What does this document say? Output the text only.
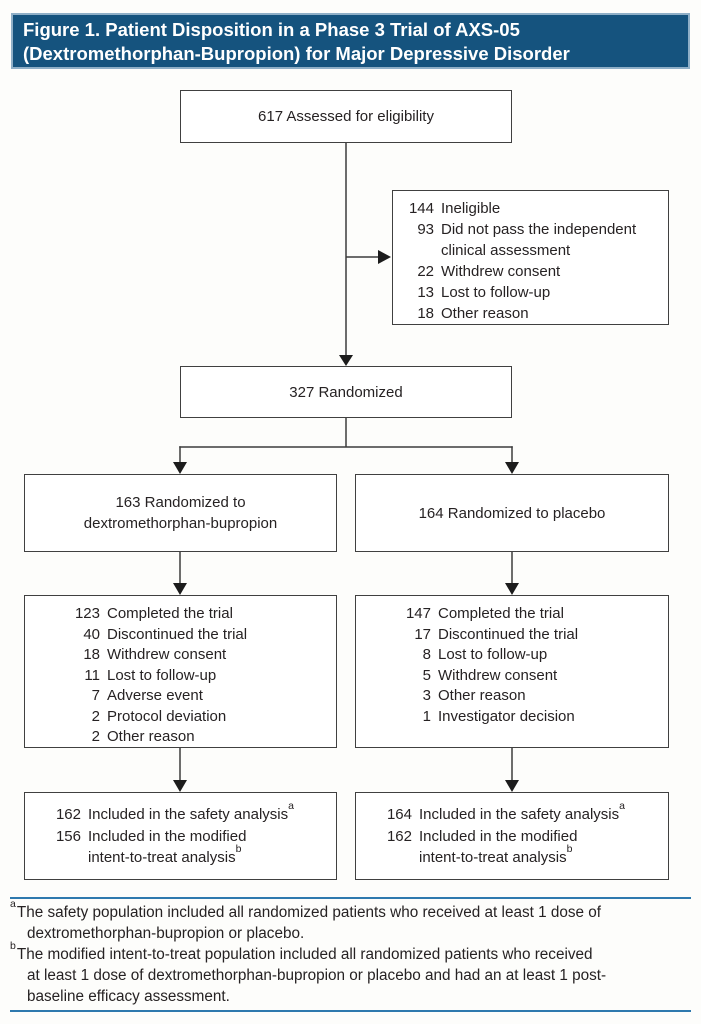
Figure 1. Patient Disposition in a Phase 3 Trial of AXS-05
(Dextromethorphan-Bupropion) for Major Depressive Disorder
617 Assessed for eligibility
144 Ineligible
93 Did not pass the independent
clinical assessment
22 Withdrew consent
13 Lost to follow-up
18 Other reason
327 Randomized
163 Randomized to
dextromethorphan-bupropion
164 Randomized to placebo
123 Completed the trial
40 Discontinued the trial
18 Withdrew consent
11 Lost to follow-up
7 Adverse event
2 Protocol deviation
2 Other reason
147 Completed the trial
17 Discontinued the trial
8 Lost to follow-up
5 Withdrew consent
3 Other reason
1 Investigator decision
162 Included in the safety analysis$^a$
156 Included in the modified
intent-to-treat analysis$^b$
164 Included in the safety analysis$^a$
162 Included in the modified
intent-to-treat analysis$^b$
$^a$The safety population included all randomized patients who received at least 1 dose of
dextromethorphan-bupropion or placebo.
$^b$The modified intent-to-treat population included all randomized patients who received
at least 1 dose of dextromethorphan-bupropion or placebo and had an at least 1 post-
baseline efficacy assessment.
